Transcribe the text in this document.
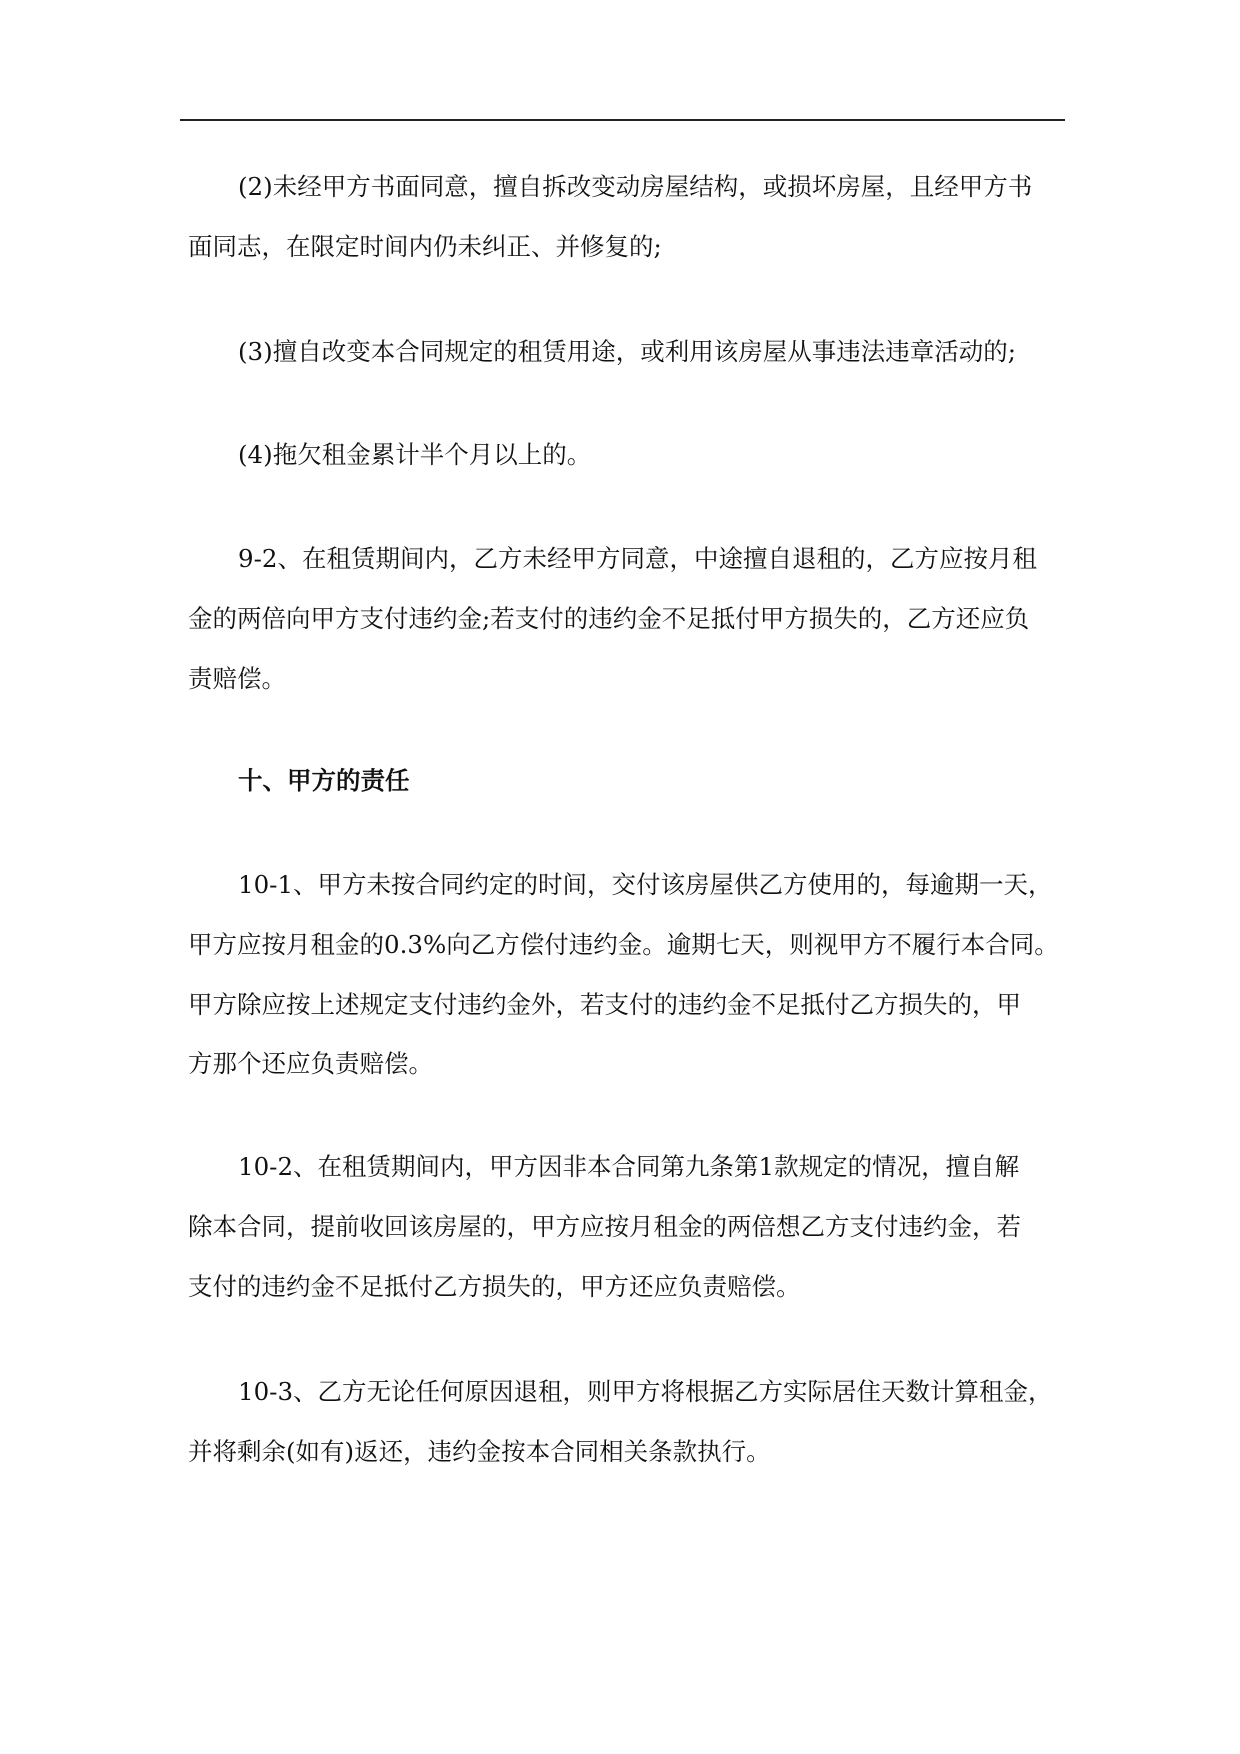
(2)未经甲方书面同意，擅自拆改变动房屋结构，或损坏房屋，且经甲方书
面同志，在限定时间内仍未纠正、并修复的;
(3)擅自改变本合同规定的租赁用途，或利用该房屋从事违法违章活动的;
(4)拖欠租金累计半个月以上的。
9-2、在租赁期间内，乙方未经甲方同意，中途擅自退租的，乙方应按月租
金的两倍向甲方支付违约金;若支付的违约金不足抵付甲方损失的，乙方还应负
责赔偿。
十、甲方的责任
10-1、甲方未按合同约定的时间，交付该房屋供乙方使用的，每逾期一天，
甲方应按月租金的0.3%向乙方偿付违约金。逾期七天，则视甲方不履行本合同。
甲方除应按上述规定支付违约金外，若支付的违约金不足抵付乙方损失的，甲
方那个还应负责赔偿。
10-2、在租赁期间内，甲方因非本合同第九条第1款规定的情况，擅自解
除本合同，提前收回该房屋的，甲方应按月租金的两倍想乙方支付违约金，若
支付的违约金不足抵付乙方损失的，甲方还应负责赔偿。
10-3、乙方无论任何原因退租，则甲方将根据乙方实际居住天数计算租金，
并将剩余(如有)返还，违约金按本合同相关条款执行。
